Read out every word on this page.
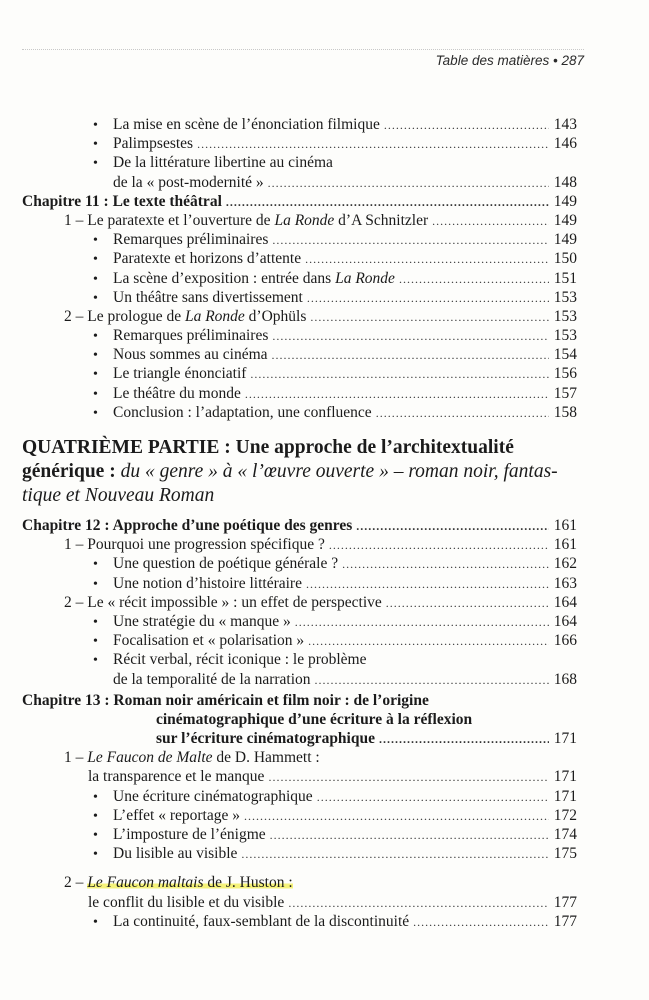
Table des matières • 287
• La mise en scène de l’énonciation filmique .....	143
• Palimpsestes .....	146
• De la littérature libertine au cinéma
de la « post-modernité » .....	148
Chapitre 11 : Le texte théâtral .....	149
1 – Le paratexte et l’ouverture de La Ronde d’A Schnitzler .....	149
• Remarques préliminaires .....	149
• Paratexte et horizons d’attente .....	150
• La scène d’exposition : entrée dans La Ronde .....	151
• Un théâtre sans divertissement .....	153
2 – Le prologue de La Ronde d’Ophüls .....	153
• Remarques préliminaires .....	153
• Nous sommes au cinéma .....	154
• Le triangle énonciatif .....	156
• Le théâtre du monde .....	157
• Conclusion : l’adaptation, une confluence .....	158
QUATRIÈME PARTIE : Une approche de l’architextualité
générique : du « genre » à « l’œuvre ouverte » – roman noir, fantas-
tique et Nouveau Roman
Chapitre 12 : Approche d’une poétique des genres .....	161
1 – Pourquoi une progression spécifique ? .....	161
• Une question de poétique générale ? .....	162
• Une notion d’histoire littéraire .....	163
2 – Le « récit impossible » : un effet de perspective .....	164
• Une stratégie du « manque » .....	164
• Focalisation et « polarisation » .....	166
• Récit verbal, récit iconique : le problème
de la temporalité de la narration .....	168
Chapitre 13 : Roman noir américain et film noir : de l’origine
cinématographique d’une écriture à la réflexion
sur l’écriture cinématographique .....	171
1 – Le Faucon de Malte de D. Hammett :
la transparence et le manque .....	171
• Une écriture cinématographique .....	171
• L’effet « reportage » .....	172
• L’imposture de l’énigme .....	174
• Du lisible au visible .....	175
2 – Le Faucon maltais de J. Huston :
le conflit du lisible et du visible .....	177
• La continuité, faux-semblant de la discontinuité .....	177
